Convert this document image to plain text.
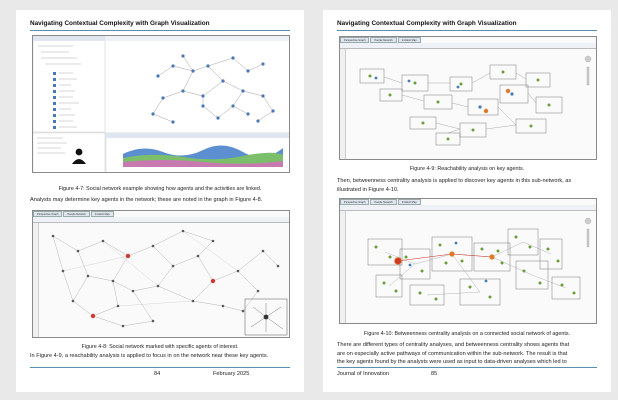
Navigating Contextual Complexity with Graph Visualization
Figure 4-7: Social network example showing how agents and the activities are linked.
Analysts may determine key agents in the network; these are noted in the graph in Figure 4-8.
Perspective Graph	People Network	Incident Map
Figure 4-8: Social network marked with specific agents of interest.
In Figure 4-9, a reachability analysis is applied to focus in on the network near these key agents.
84	February 2025
Navigating Contextual Complexity with Graph Visualization
Perspective Graph	People Network	Incident Map
Figure 4-9: Reachability analysis on key agents.
Then, betweenness centrality analysis is applied to discover key agents in this sub-network, as
illustrated in Figure 4-10.
Perspective Graph	People Network	Incident Map
Figure 4-10: Betweenness centrality analysis on a connected social network of agents.
There are different types of centrality analyses, and betweenness centrality shows agents that
are on especially active pathways of communication within the sub-network. The result is that
the key agents found by the analysts were used as input to data-driven analyses which led to
Journal of Innovation	85
